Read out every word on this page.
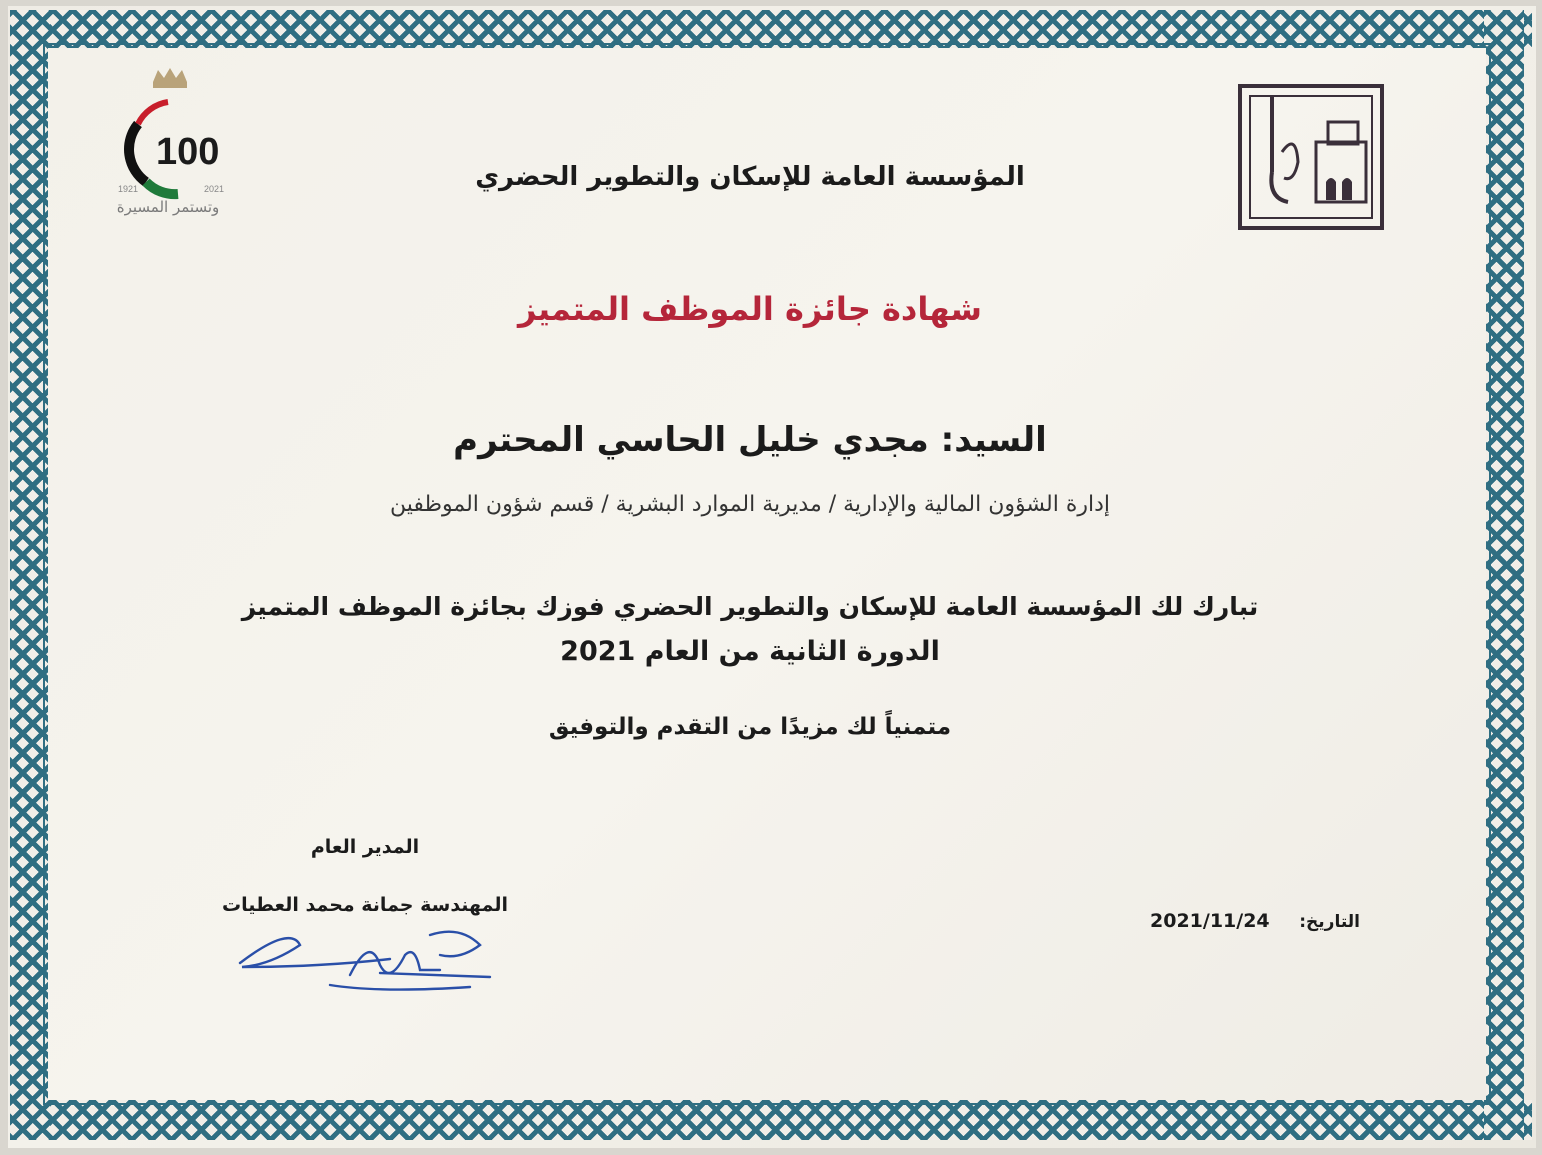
100
1921	2021
وتستمر المسيرة
المؤسسة العامة للإسكان والتطوير الحضري
شهادة جائزة الموظف المتميز
السيد: مجدي خليل الحاسي المحترم
إدارة الشؤون المالية والإدارية / مديرية الموارد البشرية / قسم شؤون الموظفين
تبارك لك المؤسسة العامة للإسكان والتطوير الحضري فوزك بجائزة الموظف المتميز
الدورة الثانية من العام 2021
متمنياً لك مزيدًا من التقدم والتوفيق
المدير العام
المهندسة جمانة محمد العطيات
التاريخ:
2021/11/24
